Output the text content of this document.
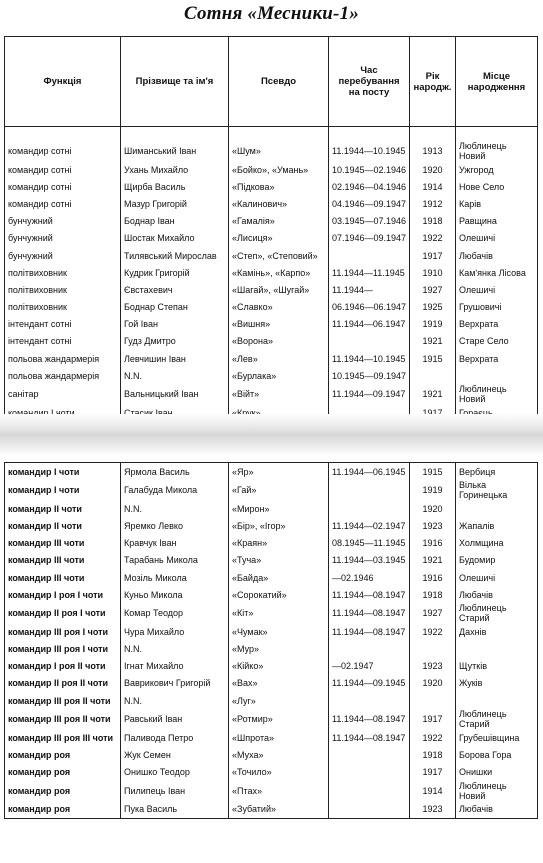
Сотня «Месники-1»
Функція	Прізвище та ім'я	Псевдо	Час перебування на посту	Рік народж.	Місце народження
командир сотні	Шиманський Іван	«Шум»	11.1944—10.1945	1913	Люблинець Новий
командир сотні	Ухань Михайло	«Бойко», «Умань»	10.1945—02.1946	1920	Ужгород
командир сотні	Щирба Василь	«Підкова»	02.1946—04.1946	1914	Нове Село
командир сотні	Мазур Григорій	«Калинович»	04.1946—09.1947	1912	Карів
бунчужний	Боднар Іван	«Гамалія»	03.1945—07.1946	1918	Равщина
бунчужний	Шостак Михайло	«Лисиця»	07.1946—09.1947	1922	Олешичі
бунчужний	Тилявський Мирослав	«Степ», «Степовий»		1917	Любачів
політвиховник	Кудрик Григорій	«Камінь», «Карпо»	11.1944—11.1945	1910	Кам'янка Лісова
політвиховник	Євстахевич	«Шагай», «Шугай»	11.1944—	1927	Олешичі
політвиховник	Боднар Степан	«Славко»	06.1946—06.1947	1925	Грушовичі
інтендант сотні	Гой Іван	«Вишня»	11.1944—06.1947	1919	Верхрата
інтендант сотні	Гудз Дмитро	«Ворона»		1921	Старе Село
польова жандармерія	Левчишин Іван	«Лев»	11.1944—10.1945	1915	Верхрата
польова жандармерія	N.N.	«Бурлака»	10.1945—09.1947		
санітар	Вальницький Іван	«Війт»	11.1944—09.1947	1921	Люблинець Новий

командир І чоти	Ярмола Василь	«Яр»	11.1944—06.1945	1915	Вербиця
командир І чоти	Галабуда Микола	«Гай»		1919	Вілька Горинецька
командир ІІ чоти	N.N.	«Мирон»		1920	
командир ІІ чоти	Яремко Левко	«Бір», «Ігор»	11.1944—02.1947	1923	Жапалів
командир ІІІ чоти	Кравчук Іван	«Краян»	08.1945—11.1945	1916	Холмщина
командир ІІІ чоти	Тарабань Микола	«Туча»	11.1944—03.1945	1921	Будомир
командир ІІІ чоти	Мозіль Микола	«Байда»	—02.1946	1916	Олешичі
командир І роя І чоти	Куньо Микола	«Сорокатий»	11.1944—08.1947	1918	Любачів
командир ІІ роя І чоти	Комар Теодор	«Кіт»	11.1944—08.1947	1927	Люблинець Старий
командир ІІІ роя І чоти	Чура Михайло	«Чумак»	11.1944—08.1947	1922	Дахнів
командир ІІІ роя І чоти	N.N.	«Мур»			
командир І роя ІІ чоти	Ігнат Михайло	«Кійко»	—02.1947	1923	Щутків
командир ІІ роя ІІ чоти	Ваврикович Григорій	«Вах»	11.1944—09.1945	1920	Жуків
командир ІІІ роя ІІ чоти	N.N.	«Луг»			
командир ІІІ роя ІІ чоти	Равський Іван	«Ротмир»	11.1944—08.1947	1917	Люблинець Старий
командир ІІІ роя ІІІ чоти	Паливода Петро	«Шпрота»	11.1944—08.1947	1922	Грубешівщина
командир роя	Жук Семен	«Муха»		1918	Борова Гора
командир роя	Онишко Теодор	«Точило»		1917	Онишки
командир роя	Пилипець Іван	«Птах»		1914	Люблинець Новий
командир роя	Пука Василь	«Зубатий»		1923	Любачів
